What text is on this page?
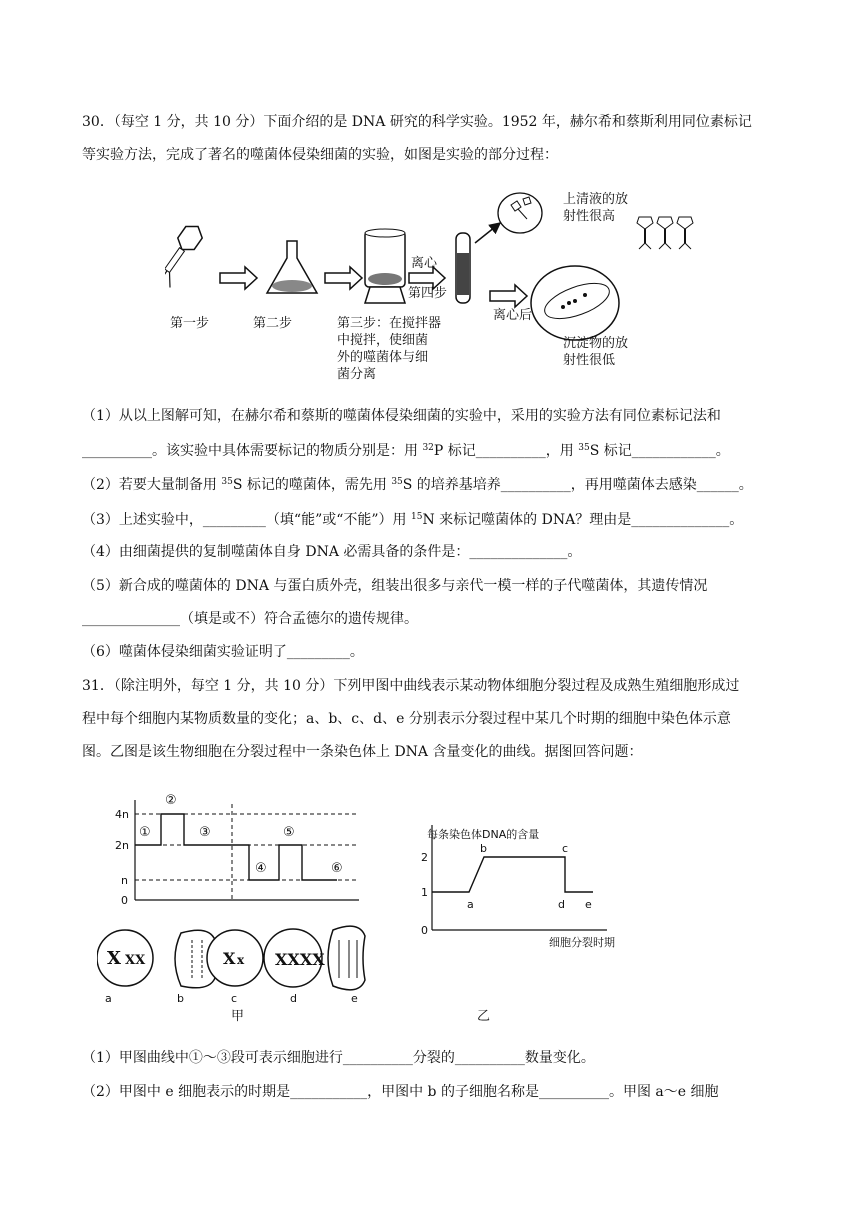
30．（每空 1 分，共 10 分）下面介绍的是 DNA 研究的科学实验。1952 年，赫尔希和蔡斯利用同位素标记
等实验方法，完成了著名的噬菌体侵染细菌的实验，如图是实验的部分过程：
第一步	第二步	第三步：在搅拌器
中搅拌，使细菌
外的噬菌体与细
菌分离
离心
第四步
离心后
上清液的放
射性很高
沉淀物的放
射性很低
（1）从以上图解可知，在赫尔希和蔡斯的噬菌体侵染细菌的实验中，采用的实验方法有同位素标记法和
__________。该实验中具体需要标记的物质分别是：用 $^{32}$P 标记__________，用 $^{35}$S 标记____________。
（2）若要大量制备用 $^{35}$S 标记的噬菌体，需先用 $^{35}$S 的培养基培养__________，再用噬菌体去感染______。
（3）上述实验中，_________（填“能”或“不能”）用 $^{15}$N 来标记噬菌体的 DNA？理由是______________。
（4）由细菌提供的复制噬菌体自身 DNA 必需具备的条件是：______________。
（5）新合成的噬菌体的 DNA 与蛋白质外壳，组装出很多与亲代一模一样的子代噬菌体，其遗传情况
______________（填是或不）符合孟德尔的遗传规律。
（6）噬菌体侵染细菌实验证明了_________。
31．（除注明外，每空 1 分，共 10 分）下列甲图中曲线表示某动物体细胞分裂过程及成熟生殖细胞形成过
程中每个细胞内某物质数量的变化；a、b、c、d、e 分别表示分裂过程中某几个时期的细胞中染色体示意
图。乙图是该生物细胞在分裂过程中一条染色体上 DNA 含量变化的曲线。据图回答问题：
X XX	X x XXXX
4n
2n
n
0
①
②
③
④
⑤
⑥
a	b	c	d	e
甲
每条染色体DNA的含量
2
1
0
a
b	c
d e
细胞分裂时期
乙
（1）甲图曲线中①～③段可表示细胞进行__________分裂的__________数量变化。
（2）甲图中 e 细胞表示的时期是___________，甲图中 b 的子细胞名称是__________。甲图 a～e 细胞
